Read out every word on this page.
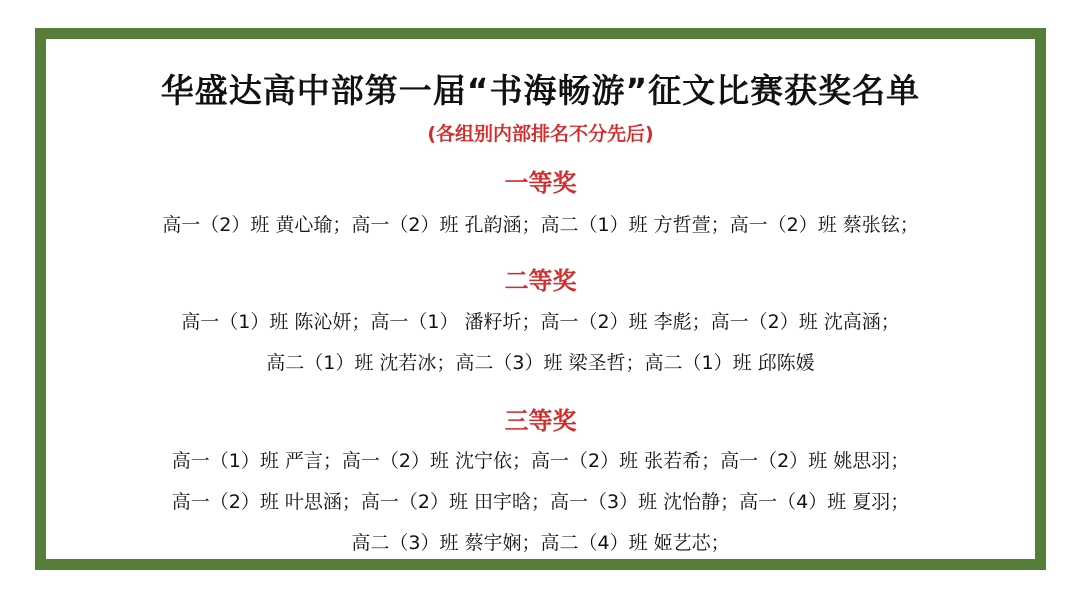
华盛达高中部第一届“书海畅游”征文比赛获奖名单
(各组别内部排名不分先后)
一等奖
高一（2）班 黄心瑜；高一（2）班 孔韵涵；高二（1）班 方哲萱；高一（2）班 蔡张铉；
二等奖
高一（1）班 陈沁妍；高一（1） 潘籽圻；高一（2）班 李彪；高一（2）班 沈高涵；
高二（1）班 沈若冰；高二（3）班 梁圣哲；高二（1）班 邱陈媛
三等奖
高一（1）班 严言；高一（2）班 沈宁依；高一（2）班 张若希；高一（2）班 姚思羽；
高一（2）班 叶思涵；高一（2）班 田宇晗；高一（3）班 沈怡静；高一（4）班 夏羽；
高二（3）班 蔡宇娴；高二（4）班 姬艺芯；
